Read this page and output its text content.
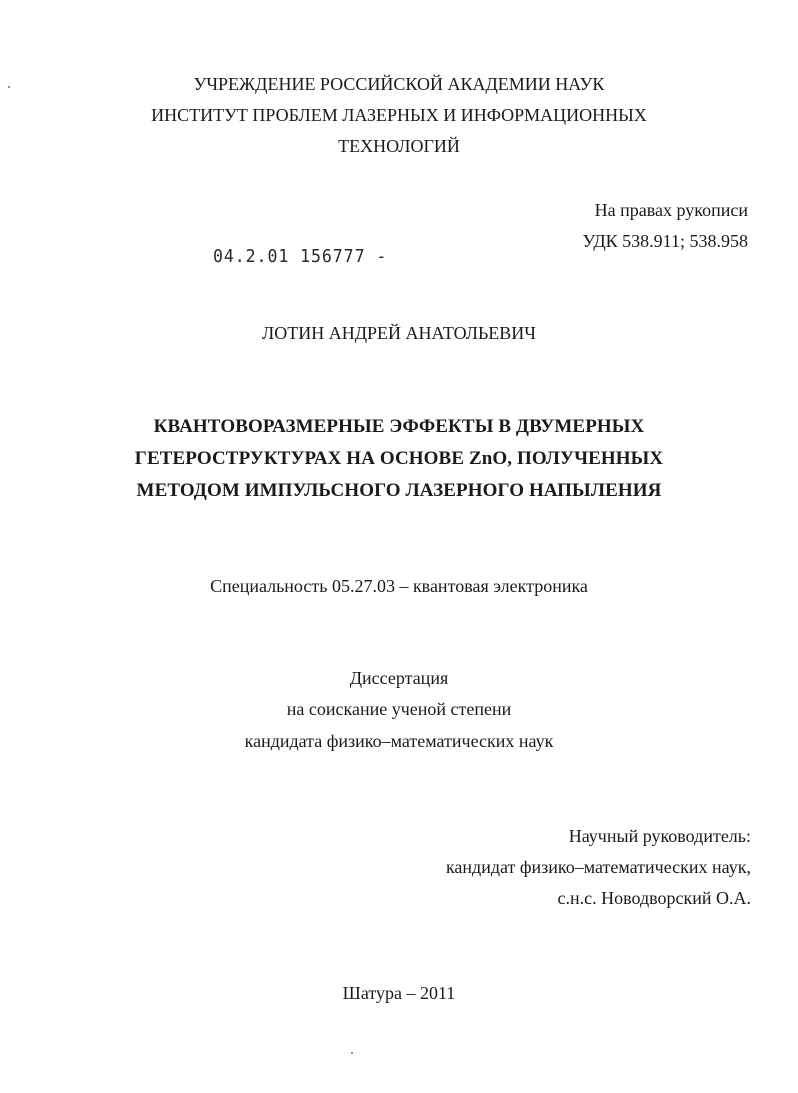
УЧРЕЖДЕНИЕ РОССИЙСКОЙ АКАДЕМИИ НАУК
ИНСТИТУТ ПРОБЛЕМ ЛАЗЕРНЫХ И ИНФОРМАЦИОННЫХ
ТЕХНОЛОГИЙ
На правах рукописи
УДК 538.911; 538.958
04.2.01 156777 -
ЛОТИН АНДРЕЙ АНАТОЛЬЕВИЧ
КВАНТОВОРАЗМЕРНЫЕ ЭФФЕКТЫ В ДВУМЕРНЫХ
ГЕТЕРОСТРУКТУРАХ НА ОСНОВЕ ZnO, ПОЛУЧЕННЫХ
МЕТОДОМ ИМПУЛЬСНОГО ЛАЗЕРНОГО НАПЫЛЕНИЯ
Специальность 05.27.03 – квантовая электроника
Диссертация
на соискание ученой степени
кандидата физико–математических наук
Научный руководитель:
кандидат физико–математических наук,
с.н.с. Новодворский О.А.
Шатура – 2011
